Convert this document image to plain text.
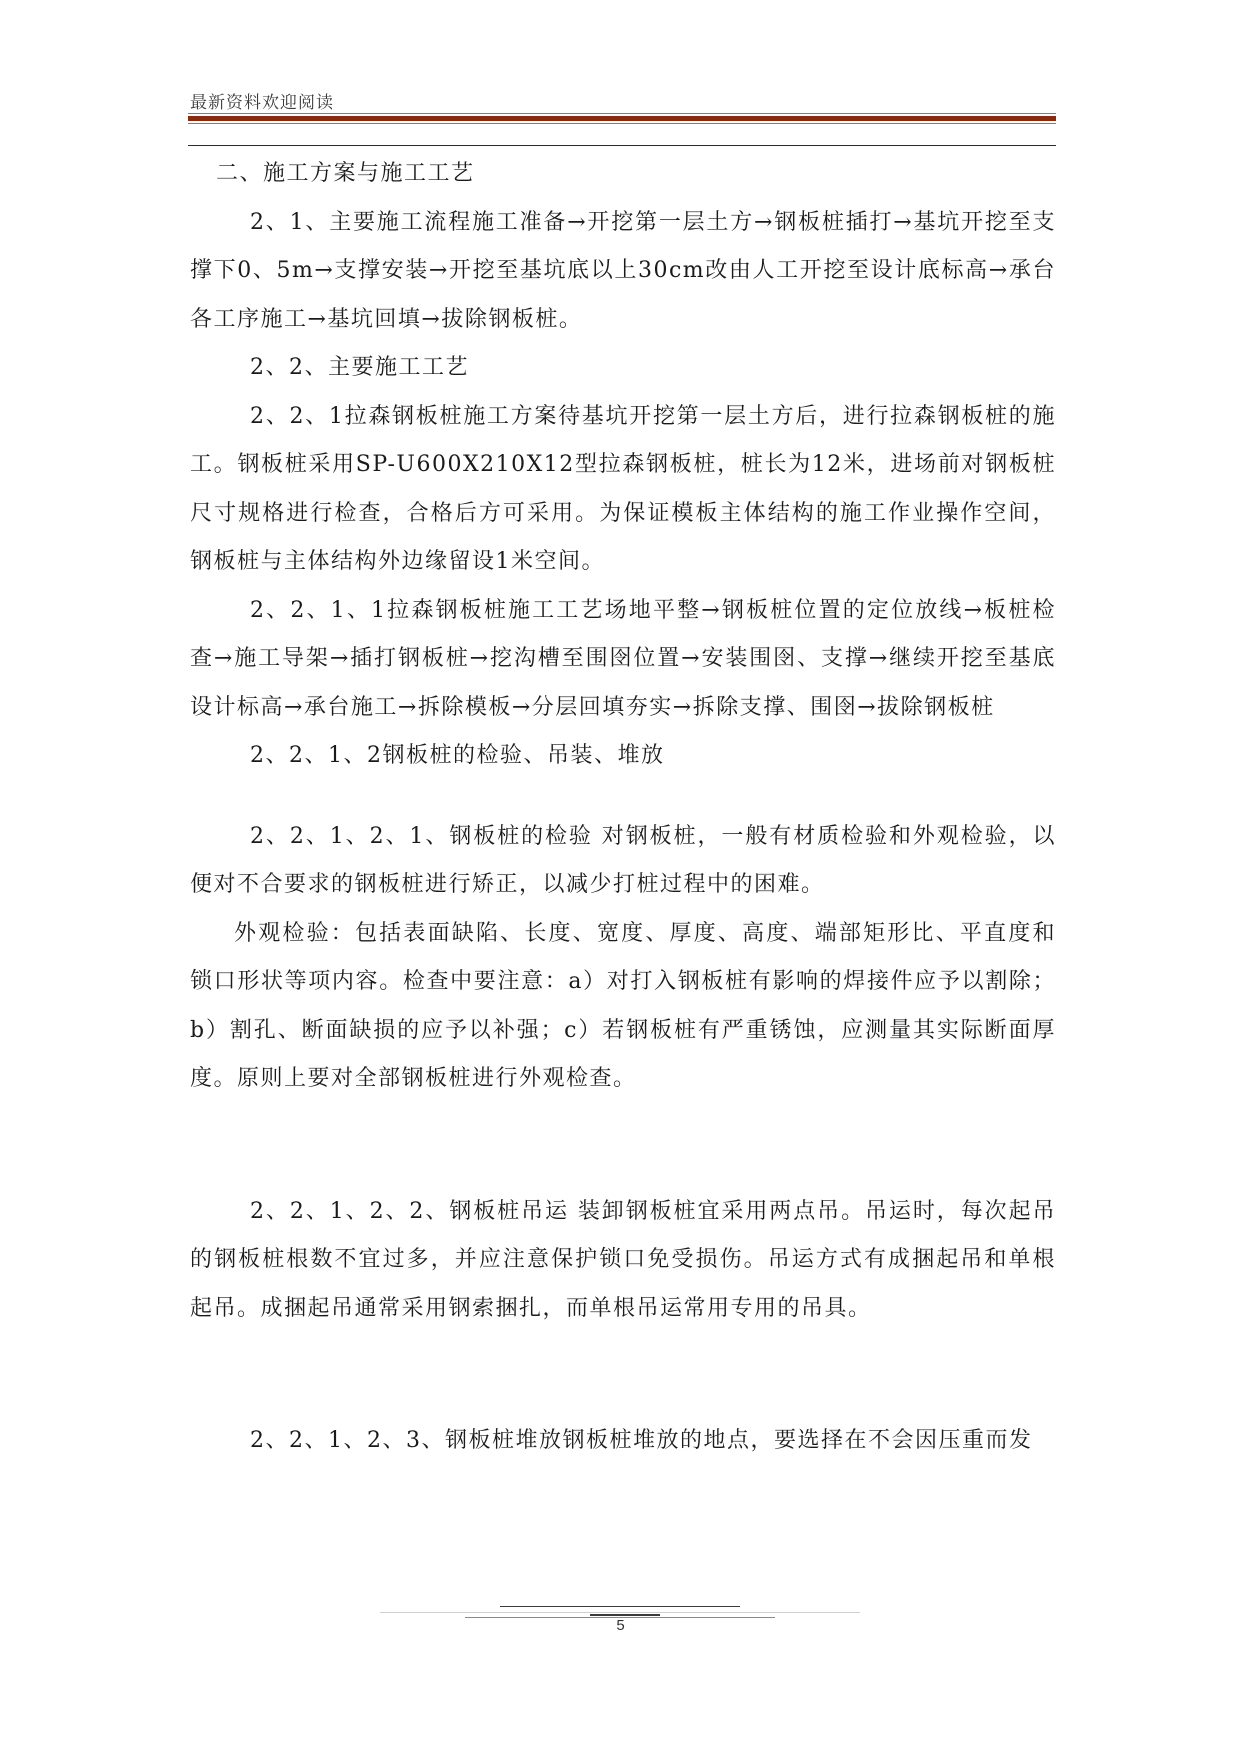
最新资料欢迎阅读

二、施工方案与施工工艺

2、1、主要施工流程施工准备→开挖第一层土方→钢板桩插打→基坑开挖至支撑下0、5m→支撑安装→开挖至基坑底以上30cm改由人工开挖至设计底标高→承台各工序施工→基坑回填→拔除钢板桩。

2、2、主要施工工艺

2、2、1拉森钢板桩施工方案待基坑开挖第一层土方后，进行拉森钢板桩的施工。钢板桩采用SP-U600X210X12型拉森钢板桩，桩长为12米，进场前对钢板桩尺寸规格进行检查，合格后方可采用。为保证模板主体结构的施工作业操作空间，钢板桩与主体结构外边缘留设1米空间。

2、2、1、1拉森钢板桩施工工艺场地平整→钢板桩位置的定位放线→板桩检查→施工导架→插打钢板桩→挖沟槽至围囹位置→安装围囹、支撑→继续开挖至基底设计标高→承台施工→拆除模板→分层回填夯实→拆除支撑、围囹→拔除钢板桩

2、2、1、2钢板桩的检验、吊装、堆放

2、2、1、2、1、钢板桩的检验 对钢板桩，一般有材质检验和外观检验，以便对不合要求的钢板桩进行矫正，以减少打桩过程中的困难。

外观检验：包括表面缺陷、长度、宽度、厚度、高度、端部矩形比、平直度和锁口形状等项内容。检查中要注意：a）对打入钢板桩有影响的焊接件应予以割除；b）割孔、断面缺损的应予以补强；c）若钢板桩有严重锈蚀，应测量其实际断面厚度。原则上要对全部钢板桩进行外观检查。

2、2、1、2、2、钢板桩吊运 装卸钢板桩宜采用两点吊。吊运时，每次起吊的钢板桩根数不宜过多，并应注意保护锁口免受损伤。吊运方式有成捆起吊和单根起吊。成捆起吊通常采用钢索捆扎，而单根吊运常用专用的吊具。

2、2、1、2、3、钢板桩堆放钢板桩堆放的地点，要选择在不会因压重而发

5
